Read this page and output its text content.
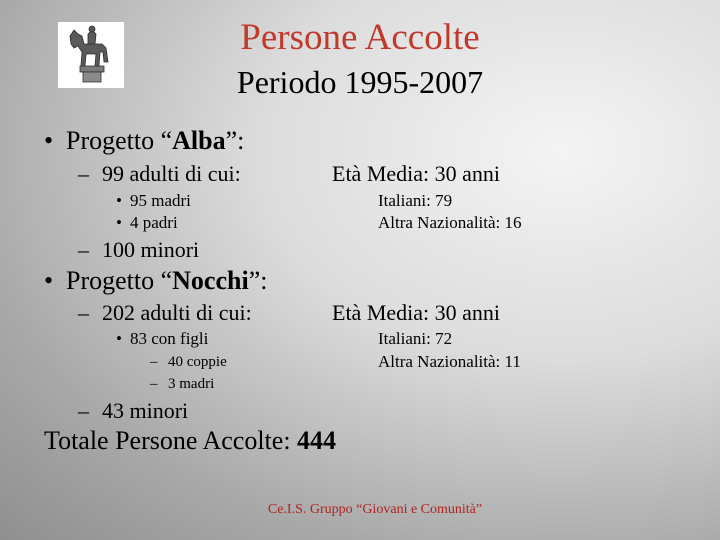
Persone Accolte
Periodo 1995-2007
• Progetto “Alba”:
– 99 adulti di cui:
• 95 madri
• 4 padri
– 100 minori
Età Media: 30 anni
Italiani: 79
Altra Nazionalità: 16
• Progetto “Nocchi”:
– 202 adulti di cui:
• 83 con figli
– 40 coppie
– 3 madri
– 43 minori
Età Media: 30 anni
Italiani: 72
Altra Nazionalità: 11
Totale Persone Accolte: 444
Ce.I.S. Gruppo “Giovani e Comunità”
